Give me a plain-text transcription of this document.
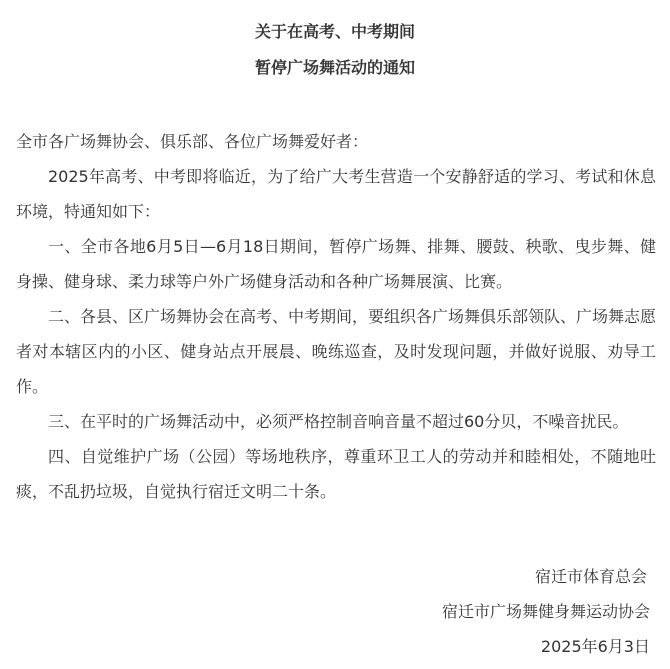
关于在高考、中考期间
暂停广场舞活动的通知

全市各广场舞协会、俱乐部、各位广场舞爱好者：

2025年高考、中考即将临近，为了给广大考生营造一个安静舒适的学习、考试和休息环境，特通知如下：

一、全市各地6月5日—6月18日期间，暂停广场舞、排舞、腰鼓、秧歌、曳步舞、健身操、健身球、柔力球等户外广场健身活动和各种广场舞展演、比赛。

二、各县、区广场舞协会在高考、中考期间，要组织各广场舞俱乐部领队、广场舞志愿者对本辖区内的小区、健身站点开展晨、晚练巡查，及时发现问题，并做好说服、劝导工作。

三、在平时的广场舞活动中，必须严格控制音响音量不超过60分贝，不噪音扰民。

四、自觉维护广场（公园）等场地秩序，尊重环卫工人的劳动并和睦相处，不随地吐痰，不乱扔垃圾，自觉执行宿迁文明二十条。

宿迁市体育总会
宿迁市广场舞健身舞运动协会
2025年6月3日
